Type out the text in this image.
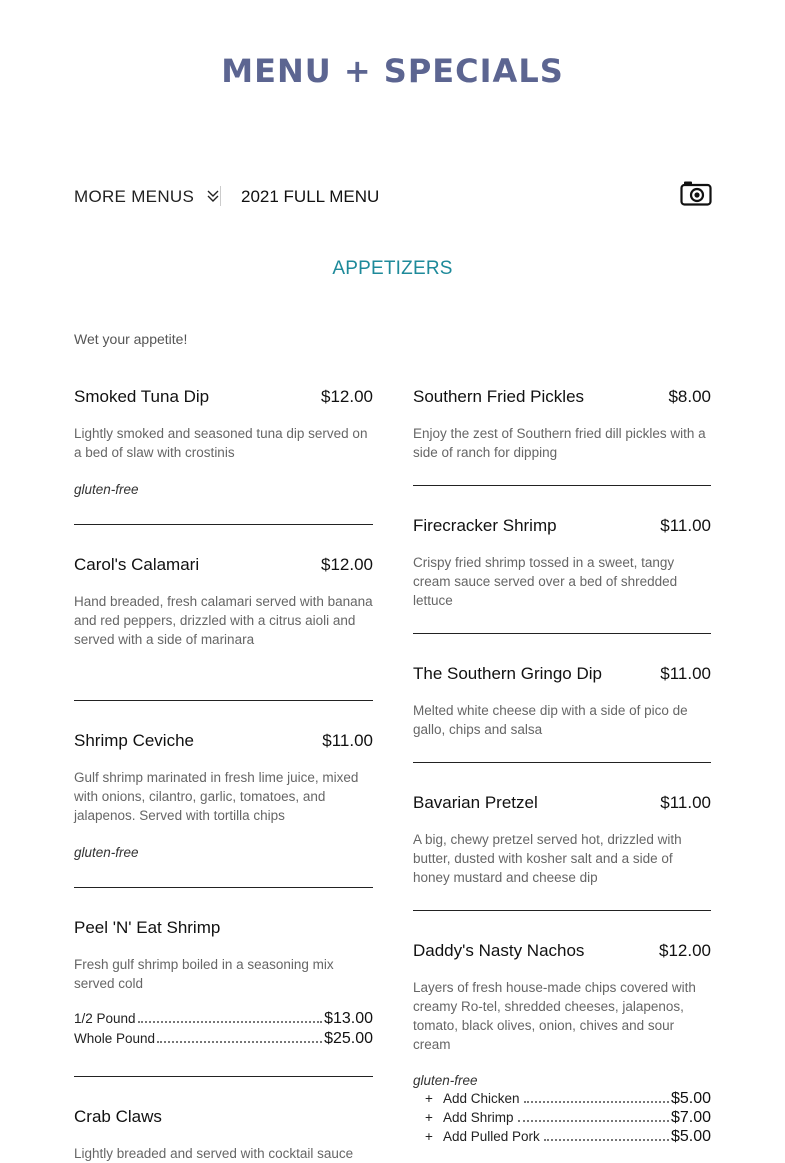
MENU + SPECIALS
MORE MENUS	2021 FULL MENU
APPETIZERS
Wet your appetite!
Smoked Tuna Dip	$12.00
Lightly smoked and seasoned tuna dip served on a bed of slaw with crostinis
gluten-free
Carol's Calamari	$12.00
Hand breaded, fresh calamari served with banana and red peppers, drizzled with a citrus aioli and served with a side of marinara
Shrimp Ceviche	$11.00
Gulf shrimp marinated in fresh lime juice, mixed with onions, cilantro, garlic, tomatoes, and jalapenos. Served with tortilla chips
gluten-free
Peel 'N' Eat Shrimp
Fresh gulf shrimp boiled in a seasoning mix served cold
1/2 Pound	$13.00
Whole Pound	$25.00
Crab Claws
Lightly breaded and served with cocktail sauce
Southern Fried Pickles	$8.00
Enjoy the zest of Southern fried dill pickles with a side of ranch for dipping
Firecracker Shrimp	$11.00
Crispy fried shrimp tossed in a sweet, tangy cream sauce served over a bed of shredded lettuce
The Southern Gringo Dip	$11.00
Melted white cheese dip with a side of pico de gallo, chips and salsa
Bavarian Pretzel	$11.00
A big, chewy pretzel served hot, drizzled with butter, dusted with kosher salt and a side of honey mustard and cheese dip
Daddy's Nasty Nachos	$12.00
Layers of fresh house-made chips covered with creamy Ro-tel, shredded cheeses, jalapenos, tomato, black olives, onion, chives and sour cream
gluten-free
+ Add Chicken	$5.00
+ Add Shrimp	$7.00
+ Add Pulled Pork	$5.00
